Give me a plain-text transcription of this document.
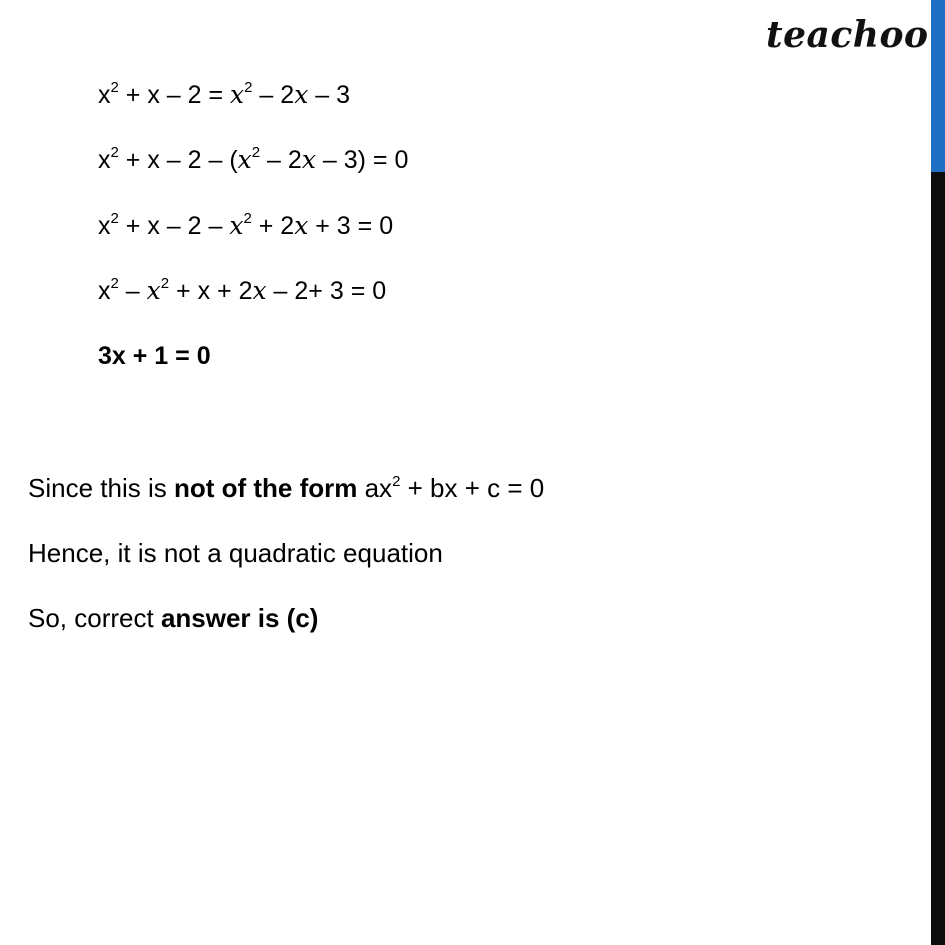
teachoo
$x^2 + x - 2$ = 𝑥$^2$ – 2𝑥 – 3
$x^2 + x - 2$ – (𝑥$^2$ – 2𝑥 – 3) = 0
$x^2 + x - 2$ – 𝑥$^2$ + 2𝑥 + 3 = 0
$x^2$ – 𝑥$^2$ + x + 2𝑥 – 2+ 3 = 0
3x + 1 = 0
Since this is not of the form $ax^2$ + bx + c = 0
Hence, it is not a quadratic equation
So, correct answer is (c)
